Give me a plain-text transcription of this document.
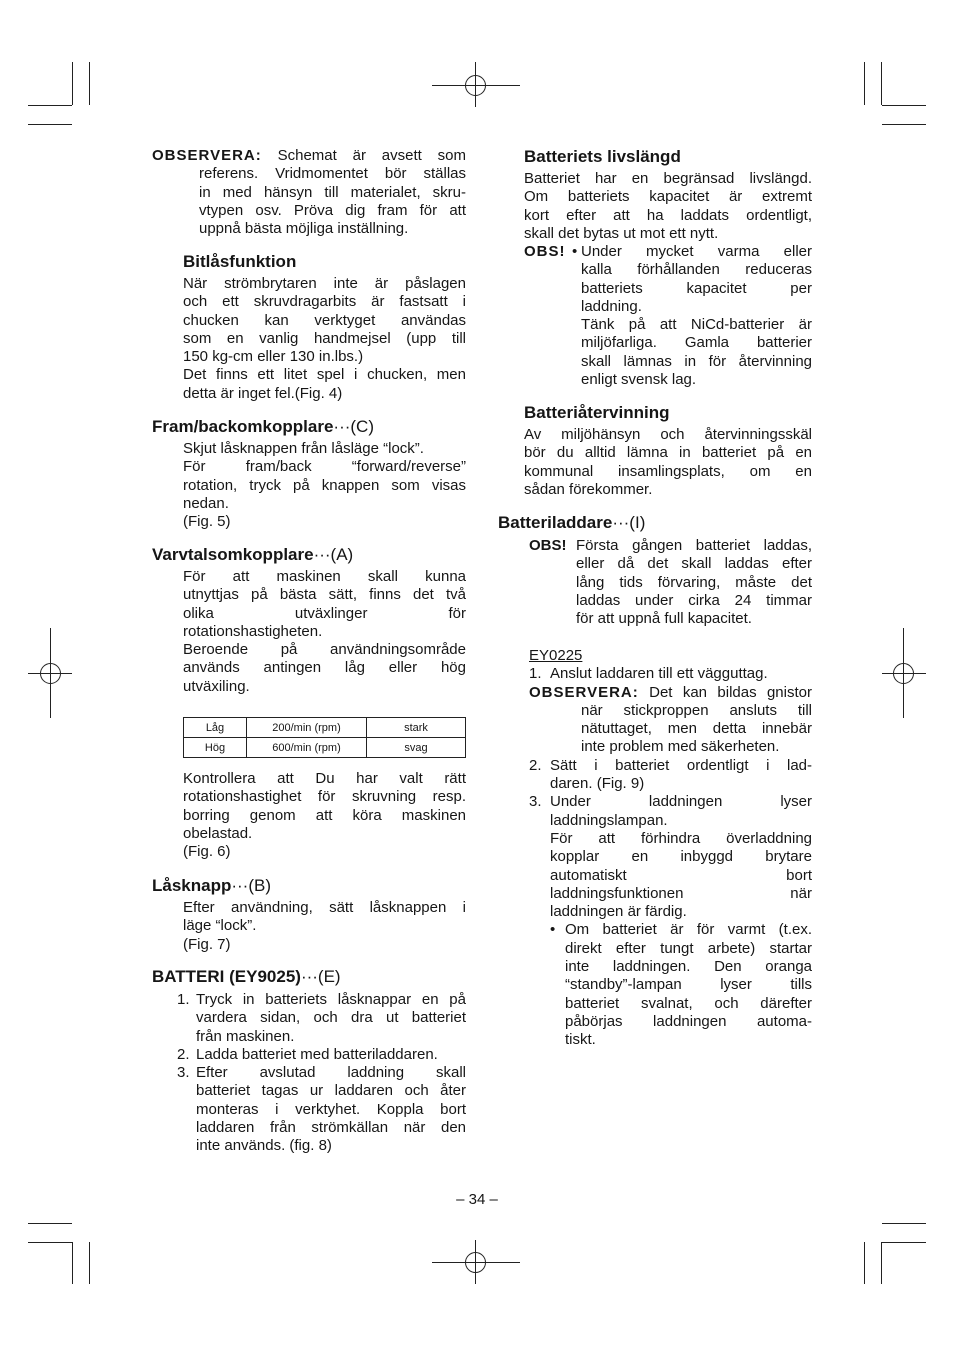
OBSERVERA: Schemat är avsett som
referens. Vridmomentet bör ställas
in med hänsyn till materialet, skru-
vtypen osv. Pröva dig fram för att
uppnå bästa möjliga inställning.
Bitlåsfunktion
När strömbrytaren inte är påslagen
och ett skruvdragarbits är fastsatt i
chucken kan verktyget användas
som en vanlig handmejsel (upp till
150 kg-cm eller 130 in.lbs.)
Det finns ett litet spel i chucken, men
detta är inget fel.(Fig. 4)
Fram/backomkopplare···(C)
Skjut låsknappen från låsläge “lock”.
För fram/back “forward/reverse”
rotation, tryck på knappen som visas
nedan.
(Fig. 5)
Varvtalsomkopplare···(A)
För att maskinen skall kunna
utnyttjas på bästa sätt, finns det två
olika utväxlinger för
rotationshastigheten.
Beroende på användningsområde
används antingen låg eller hög
utväxiling.
Låg	200/min (rpm)	stark
Hög	600/min (rpm)	svag
Kontrollera att Du har valt rätt
rotationshastighet för skruvning resp.
borring genom att köra maskinen
obelastad.
(Fig. 6)
Låsknapp···(B)
Efter användning, sätt låsknappen i
läge “lock”.
(Fig. 7)
BATTERI (EY9025)···(E)
1. Tryck in batteriets låsknappar en på
vardera sidan, och dra ut batteriet
från maskinen.
2. Ladda batteriet med batteriladdaren.
3. Efter avslutad laddning skall
batteriet tagas ur laddaren och åter
monteras i verktyhet. Koppla bort
laddaren från strömkällan när den
inte används. (fig. 8)
Batteriets livslängd
Batteriet har en begränsad livslängd.
Om batteriets kapacitet är extremt
kort efter att ha laddats ordentligt,
skall det bytas ut mot ett nytt.
OBS! • Under mycket varma eller
kalla förhållanden reduceras
batteriets kapacitet per
laddning.
Tänk på att NiCd-batterier är
miljöfarliga. Gamla batterier
skall lämnas in för återvinning
enligt svensk lag.
Batteriåtervinning
Av miljöhänsyn och återvinningsskäl
bör du alltid lämna in batteriet på en
kommunal insamlingsplats, om en
sådan förekommer.
Batteriladdare···(I)
OBS! Första gången batteriet laddas,
eller då det skall laddas efter
lång tids förvaring, måste det
laddas under cirka 24 timmar
för att uppnå full kapacitet.
EY0225
1. Anslut laddaren till ett vägguttag.
OBSERVERA: Det kan bildas gnistor
när stickproppen ansluts till
nätuttaget, men detta innebär
inte problem med säkerheten.
2. Sätt i batteriet ordentligt i lad-
daren. (Fig. 9)
3. Under laddningen lyser
laddningslampan.
För att förhindra överladdning
kopplar en inbyggd brytare
automatiskt bort
laddningsfunktionen när
laddningen är färdig.
• Om batteriet är för varmt (t.ex.
direkt efter tungt arbete) startar
inte laddningen. Den oranga
“standby”-lampan lyser tills
batteriet svalnat, och därefter
påbörjas laddningen automa-
tiskt.
– 34 –
